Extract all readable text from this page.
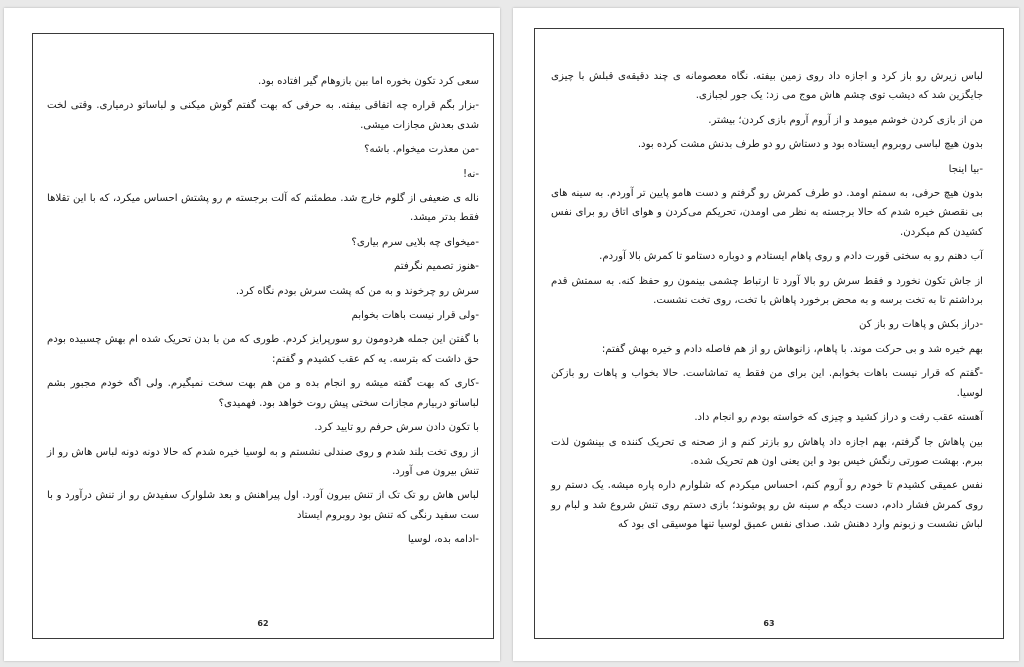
سعی کرد تکون بخوره اما بین بازوهام گیر افتاده بود.

-بزار بگم قراره چه اتفاقی بیفته. به حرفی که بهت گفتم گوش میکنی و لباساتو درمیاری. وقتی لخت شدی بعدش مجازات میشی.

-من معذرت میخوام. باشه؟

-نه!

ناله ی ضعیفی از گلوم خارج شد. مطمئنم که آلت برجسته م رو پشتش احساس میکرد، که با این تقلاها فقط بدتر میشد.

-میخوای چه بلایی سرم بیاری؟

-هنوز تصمیم نگرفتم

سرش رو چرخوند و به من که پشت سرش بودم نگاه کرد.

-ولی قرار نیست باهات بخوابم

با گفتن این جمله هردومون رو سورپرایز کردم. طوری که من با بدن تحریک شده ام بهش چسبیده بودم حق داشت که بترسه. یه کم عقب کشیدم و گفتم:

-کاری که بهت گفته میشه رو انجام بده و من هم بهت سخت نمیگیرم. ولی اگه خودم مجبور بشم لباساتو دربیارم مجازات سختی پیش روت خواهد بود. فهمیدی؟

با تکون دادن سرش حرفم رو تایید کرد.

از روی تخت بلند شدم و روی صندلی نشستم و به لوسیا خیره شدم که حالا دونه دونه لباس هاش رو از تنش بیرون می آورد.

لباس هاش رو تک تک از تنش بیرون آورد. اول پیراهنش و بعد شلوارک سفیدش رو از تنش درآورد و با ست سفید رنگی که تنش بود روبروم ایستاد

-ادامه بده، لوسیا

62

لباس زیرش رو باز کرد و اجازه داد روی زمین بیفته. نگاه معصومانه ی چند دقیقه‌ی قبلش با چیزی جایگزین شد که دیشب توی چشم هاش موج می زد: یک جور لجبازی.

من از بازی کردن خوشم میومد و از آروم آروم بازی کردن؛ بیشتر.

بدون هیچ لباسی روبروم ایستاده بود و دستاش رو دو طرف بدنش مشت کرده بود.

-بیا اینجا

بدون هیچ حرفی، به سمتم اومد. دو طرف کمرش رو گرفتم و دست هامو پایین تر آوردم. به سینه های بی نقصش خیره شدم که حالا برجسته به نظر می اومدن، تحریکم می‌کردن و هوای اتاق رو برای نفس کشیدن کم میکردن.

آب دهنم رو به سختی قورت دادم و روی پاهام ایستادم و دوباره دستامو تا کمرش بالا آوردم.

از جاش تکون نخورد و فقط سرش رو بالا آورد تا ارتباط چشمی بینمون رو حفظ کنه. به سمتش قدم برداشتم تا به تخت برسه و به محض برخورد پاهاش با تخت، روی تخت نشست.

-دراز بکش و پاهات رو باز کن

بهم خیره شد و بی حرکت موند. با پاهام، زانوهاش رو از هم فاصله دادم و خیره بهش گفتم:

-گفتم که قرار نیست باهات بخوابم. این برای من فقط یه تماشاست. حالا بخواب و پاهات رو بازکن لوسیا.

آهسته عقب رفت و دراز کشید و چیزی که خواسته بودم رو انجام داد.

بین پاهاش جا گرفتم، بهم اجازه داد پاهاش رو بازتر کنم و از صحنه ی تحریک کننده ی بینشون لذت ببرم. بهشت صورتی رنگش خیس بود و این یعنی اون هم تحریک شده.

نفس عمیقی کشیدم تا خودم رو آروم کنم، احساس میکردم که شلوارم داره پاره میشه. یک دستم رو روی کمرش فشار دادم، دست دیگه م سینه ش رو پوشوند؛ بازی دستم روی تنش شروع شد و لبام رو لباش نشست و زبونم وارد دهنش شد. صدای نفس عمیق لوسیا تنها موسیقی ای بود که

63
